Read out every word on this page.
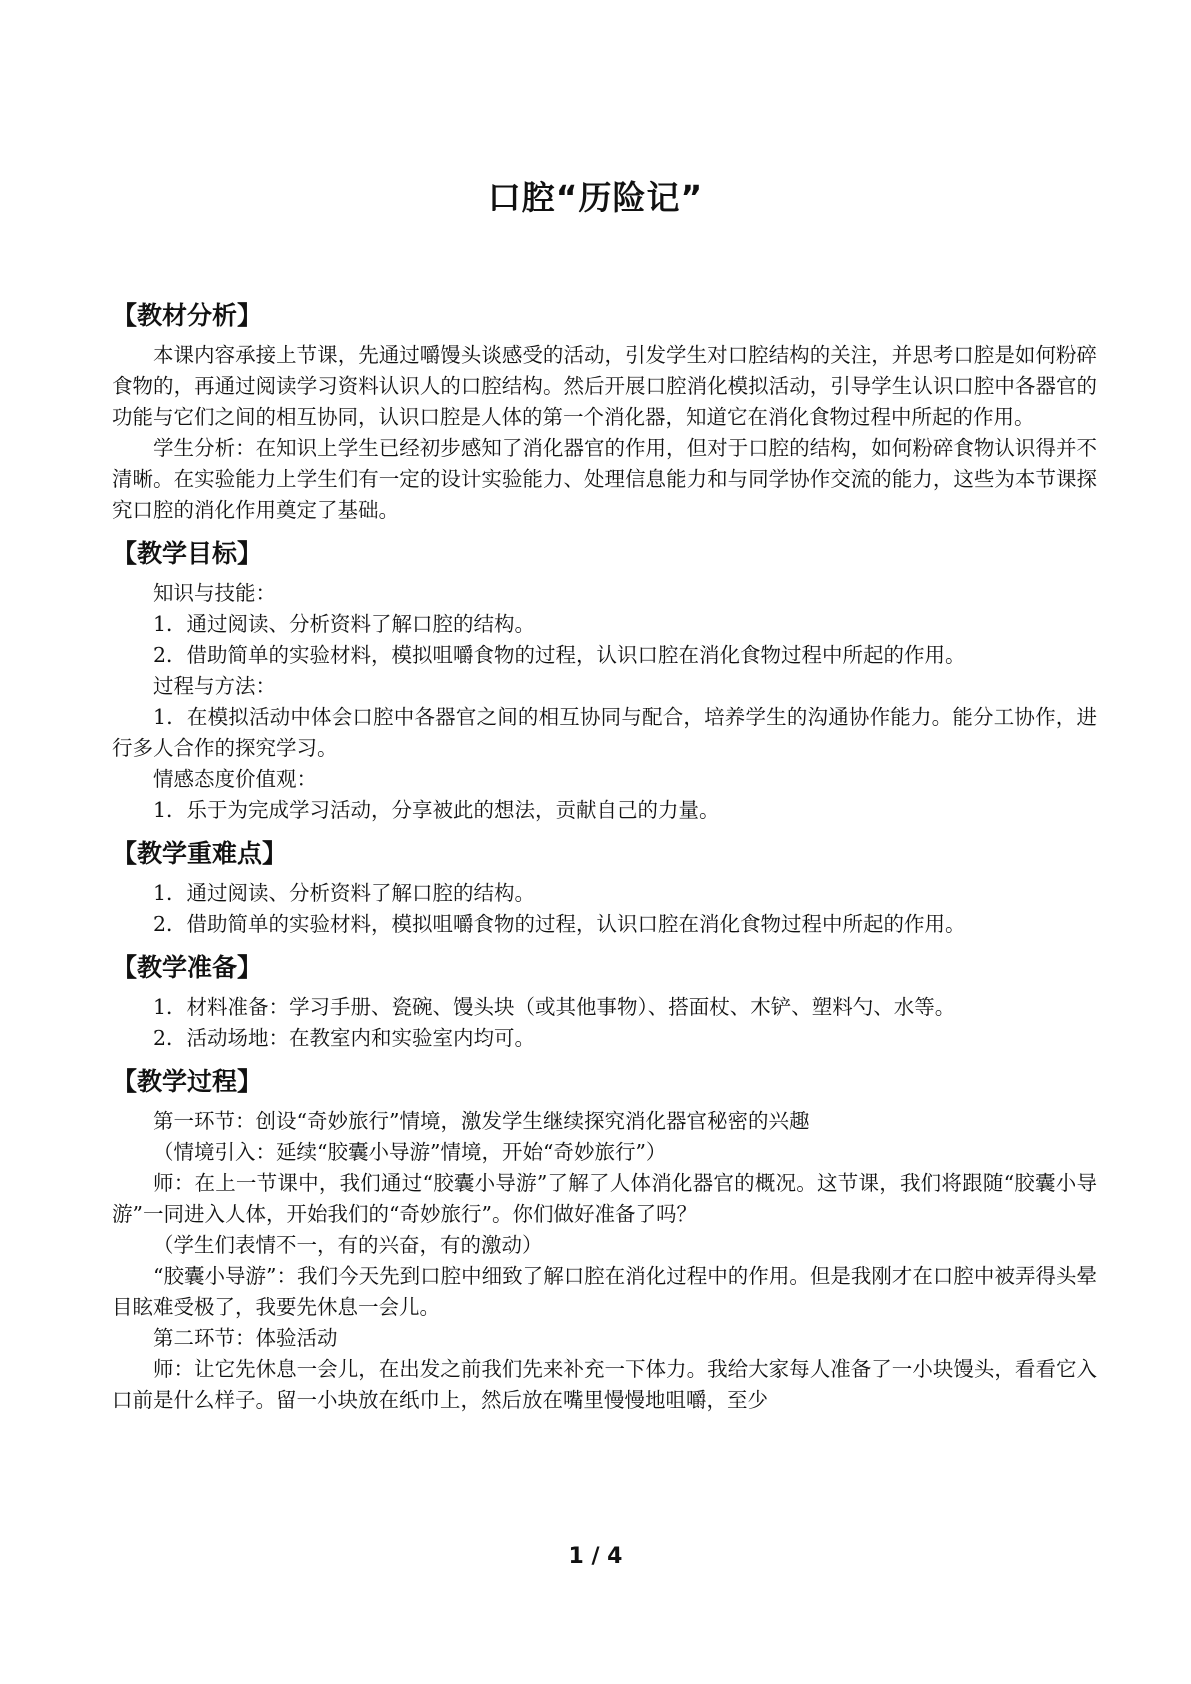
口腔“历险记”

【教材分析】

本课内容承接上节课，先通过嚼馒头谈感受的活动，引发学生对口腔结构的关注，并思考口腔是如何粉碎食物的，再通过阅读学习资料认识人的口腔结构。然后开展口腔消化模拟活动，引导学生认识口腔中各器官的功能与它们之间的相互协同，认识口腔是人体的第一个消化器，知道它在消化食物过程中所起的作用。

学生分析：在知识上学生已经初步感知了消化器官的作用，但对于口腔的结构，如何粉碎食物认识得并不清晰。在实验能力上学生们有一定的设计实验能力、处理信息能力和与同学协作交流的能力，这些为本节课探究口腔的消化作用奠定了基础。

【教学目标】

知识与技能：

1．通过阅读、分析资料了解口腔的结构。

2．借助简单的实验材料，模拟咀嚼食物的过程，认识口腔在消化食物过程中所起的作用。

过程与方法：

1．在模拟活动中体会口腔中各器官之间的相互协同与配合，培养学生的沟通协作能力。能分工协作，进行多人合作的探究学习。

情感态度价值观：

1．乐于为完成学习活动，分享被此的想法，贡献自己的力量。

【教学重难点】

1．通过阅读、分析资料了解口腔的结构。

2．借助简单的实验材料，模拟咀嚼食物的过程，认识口腔在消化食物过程中所起的作用。

【教学准备】

1．材料准备：学习手册、瓷碗、馒头块（或其他事物）、搭面杖、木铲、塑料勺、水等。

2．活动场地：在教室内和实验室内均可。

【教学过程】

第一环节：创设“奇妙旅行”情境，激发学生继续探究消化器官秘密的兴趣

（情境引入：延续“胶囊小导游”情境，开始“奇妙旅行”）

师：在上一节课中，我们通过“胶囊小导游”了解了人体消化器官的概况。这节课，我们将跟随“胶囊小导游”一同进入人体，开始我们的“奇妙旅行”。你们做好准备了吗？

（学生们表情不一，有的兴奋，有的激动）

“胶囊小导游”：我们今天先到口腔中细致了解口腔在消化过程中的作用。但是我刚才在口腔中被弄得头晕目眩难受极了，我要先休息一会儿。

第二环节：体验活动

师：让它先休息一会儿，在出发之前我们先来补充一下体力。我给大家每人准备了一小块馒头，看看它入口前是什么样子。留一小块放在纸巾上，然后放在嘴里慢慢地咀嚼，至少

1 / 4
